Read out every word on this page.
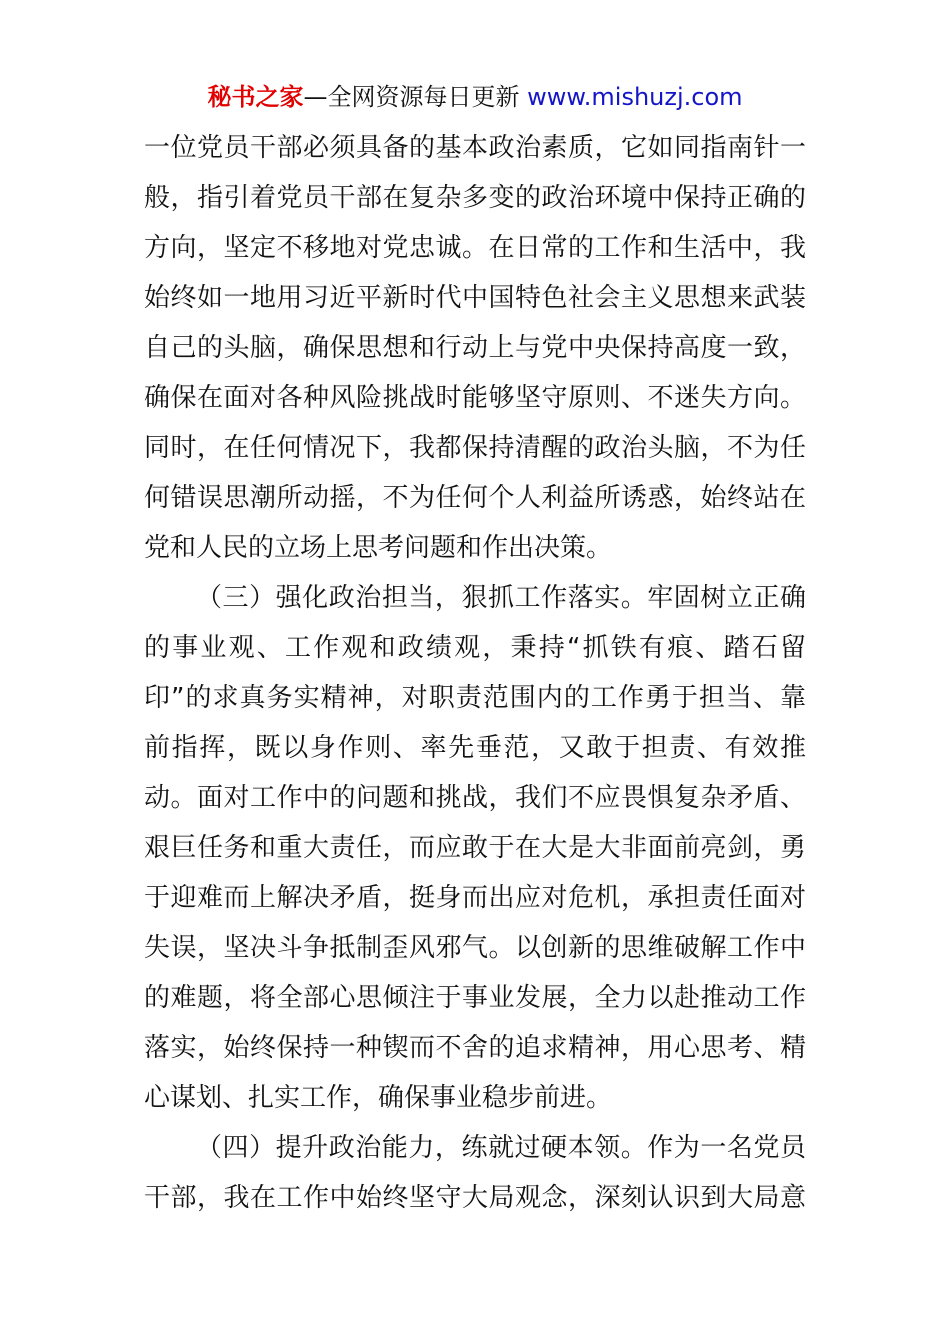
秘书之家—全网资源每日更新 www.mishuzj.com
一位党员干部必须具备的基本政治素质，它如同指南针一
般，指引着党员干部在复杂多变的政治环境中保持正确的
方向，坚定不移地对党忠诚。在日常的工作和生活中，我
始终如一地用习近平新时代中国特色社会主义思想来武装
自己的头脑，确保思想和行动上与党中央保持高度一致，
确保在面对各种风险挑战时能够坚守原则、不迷失方向。
同时，在任何情况下，我都保持清醒的政治头脑，不为任
何错误思潮所动摇，不为任何个人利益所诱惑，始终站在
党和人民的立场上思考问题和作出决策。
（三）强化政治担当，狠抓工作落实。牢固树立正确
的事业观、工作观和政绩观，秉持“抓铁有痕、踏石留
印”的求真务实精神，对职责范围内的工作勇于担当、靠
前指挥，既以身作则、率先垂范，又敢于担责、有效推
动。面对工作中的问题和挑战，我们不应畏惧复杂矛盾、
艰巨任务和重大责任，而应敢于在大是大非面前亮剑，勇
于迎难而上解决矛盾，挺身而出应对危机，承担责任面对
失误，坚决斗争抵制歪风邪气。以创新的思维破解工作中
的难题，将全部心思倾注于事业发展，全力以赴推动工作
落实，始终保持一种锲而不舍的追求精神，用心思考、精
心谋划、扎实工作，确保事业稳步前进。
（四）提升政治能力，练就过硬本领。作为一名党员
干部，我在工作中始终坚守大局观念，深刻认识到大局意
